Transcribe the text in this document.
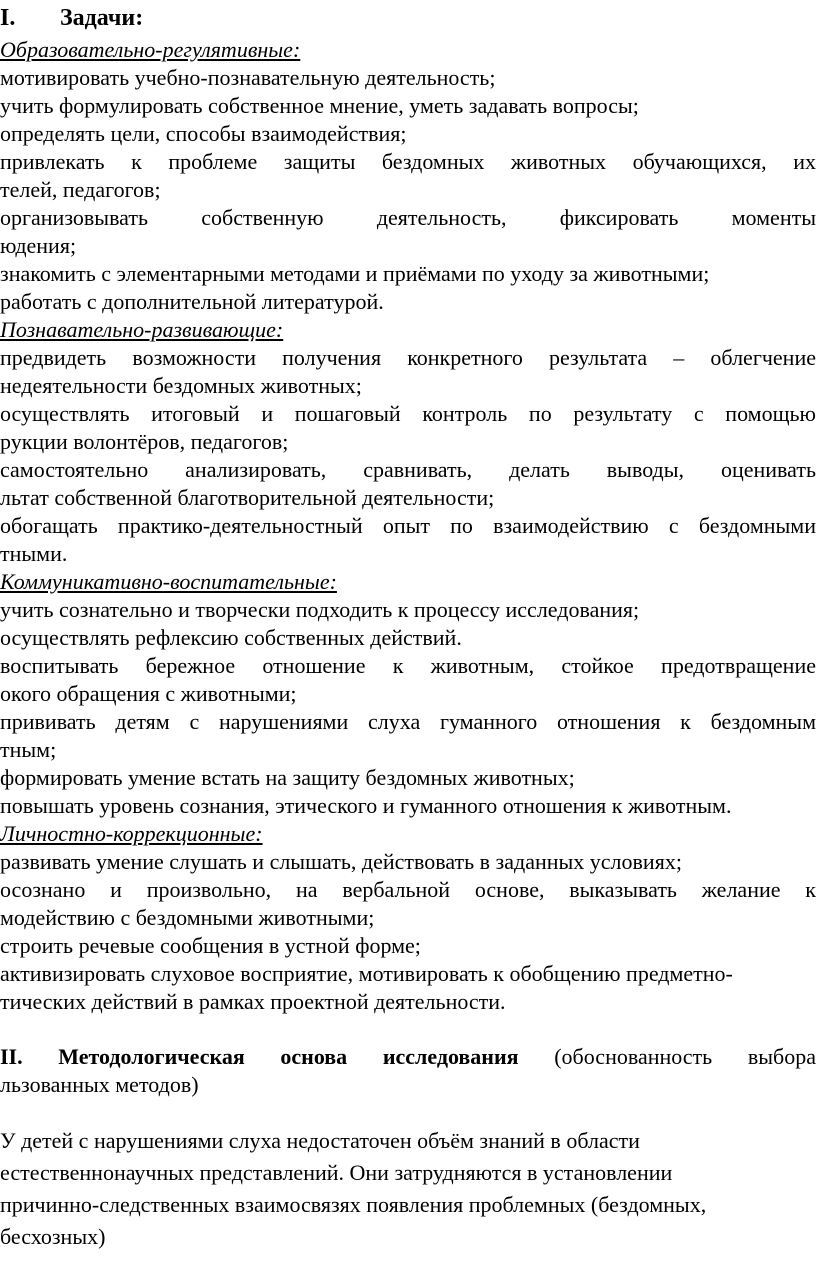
I. Задачи:
Образовательно-регулятивные:
мотивировать учебно-познавательную деятельность;
учить формулировать собственное мнение, уметь задавать вопросы;
определять цели, способы взаимодействия;
привлекать к проблеме защиты бездомных животных обучающихся, их
телей, педагогов;
организовывать собственную деятельность, фиксировать моменты
юдения;
знакомить с элементарными методами и приёмами по уходу за животными;
работать с дополнительной литературой.
Познавательно-развивающие:
предвидеть возможности получения конкретного результата – облегчение
недеятельности бездомных животных;
осуществлять итоговый и пошаговый контроль по результату с помощью
рукции волонтёров, педагогов;
самостоятельно анализировать, сравнивать, делать выводы, оценивать
льтат собственной благотворительной деятельности;
обогащать практико-деятельностный опыт по взаимодействию с бездомными
тными.
Коммуникативно-воспитательные:
учить сознательно и творчески подходить к процессу исследования;
осуществлять рефлексию собственных действий.
воспитывать бережное отношение к животным, стойкое предотвращение
окого обращения с животными;
прививать детям с нарушениями слуха гуманного отношения к бездомным
тным;
формировать умение встать на защиту бездомных животных;
повышать уровень сознания, этического и гуманного отношения к животным.
Личностно-коррекционные:
развивать умение слушать и слышать, действовать в заданных условиях;
осознано и произвольно, на вербальной основе, выказывать желание к
модействию с бездомными животными;
строить речевые сообщения в устной форме;
активизировать слуховое восприятие, мотивировать к обобщению предметно-
тических действий в рамках проектной деятельности.
II. Методологическая основа исследования (обоснованность выбора
льзованных методов)
У детей с нарушениями слуха недостаточен объём знаний в области
естественнонаучных представлений. Они затрудняются в установлении
причинно-следственных взаимосвязях появления проблемных (бездомных,
бесхозных)
